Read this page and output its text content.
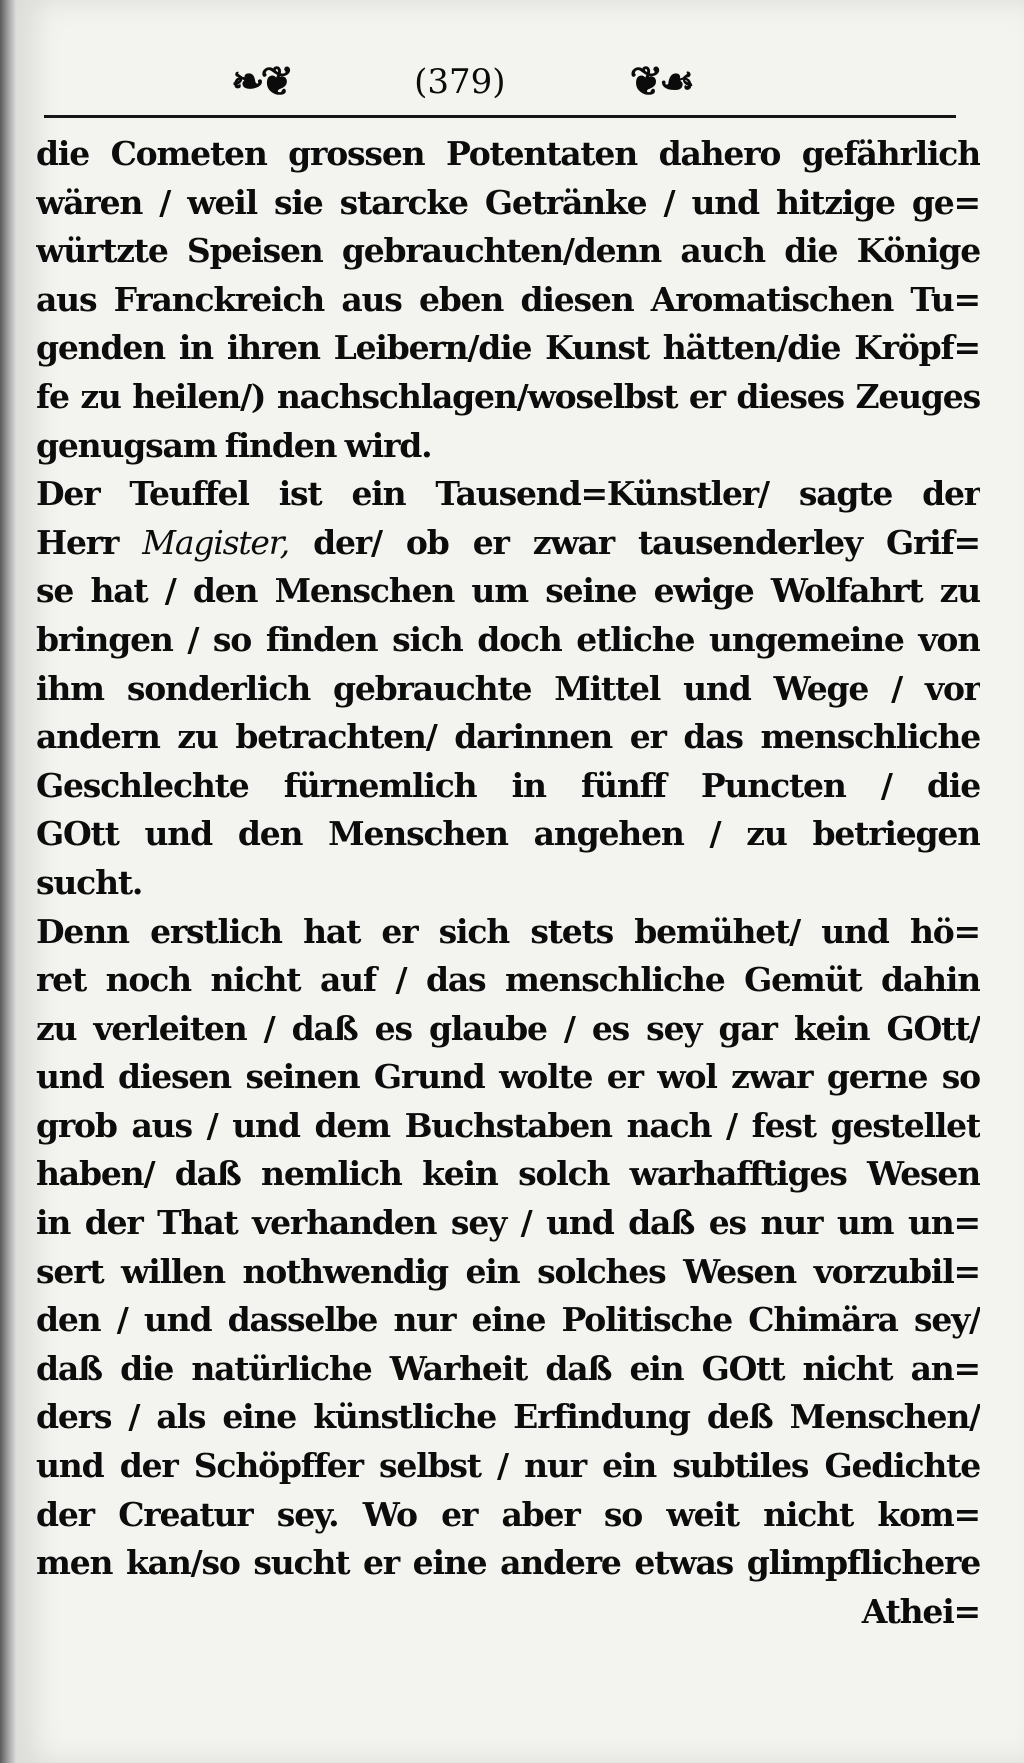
❧❦	(379)	❦☙
die Cometen grossen Potentaten dahero gefährlich
wären / weil sie starcke Getränke / und hitzige ge=
würtzte Speisen gebrauchten/denn auch die Könige
aus Franckreich aus eben diesen Aromatischen Tu=
genden in ihren Leibern/die Kunst hätten/die Kröpf=
fe zu heilen/) nachschlagen/woselbst er dieses Zeuges
genugsam finden wird.
Der Teuffel ist ein Tausend=Künstler/ sagte der
Herr Magister, der/ ob er zwar tausenderley Grif=
se hat / den Menschen um seine ewige Wolfahrt zu
bringen / so finden sich doch etliche ungemeine von
ihm sonderlich gebrauchte Mittel und Wege / vor
andern zu betrachten/ darinnen er das menschliche
Geschlechte fürnemlich in fünff Puncten / die
GOtt und den Menschen angehen / zu betriegen
sucht.
Denn erstlich hat er sich stets bemühet/ und hö=
ret noch nicht auf / das menschliche Gemüt dahin
zu verleiten / daß es glaube / es sey gar kein GOtt/
und diesen seinen Grund wolte er wol zwar gerne so
grob aus / und dem Buchstaben nach / fest gestellet
haben/ daß nemlich kein solch warhafftiges Wesen
in der That verhanden sey / und daß es nur um un=
sert willen nothwendig ein solches Wesen vorzubil=
den / und dasselbe nur eine Politische Chimära sey/
daß die natürliche Warheit daß ein GOtt nicht an=
ders / als eine künstliche Erfindung deß Menschen/
und der Schöpffer selbst / nur ein subtiles Gedichte
der Creatur sey. Wo er aber so weit nicht kom=
men kan/so sucht er eine andere etwas glimpflichere
Athei=
